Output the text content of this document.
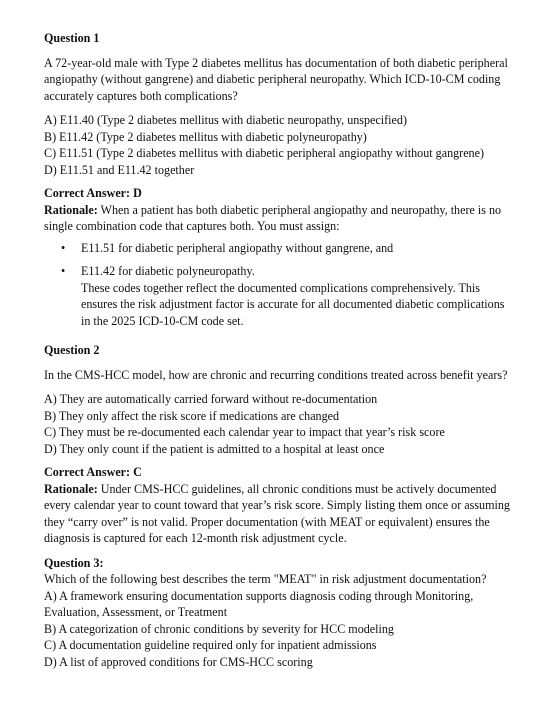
Question 1

A 72-year-old male with Type 2 diabetes mellitus has documentation of both diabetic peripheral angiopathy (without gangrene) and diabetic peripheral neuropathy. Which ICD-10-CM coding accurately captures both complications?

A) E11.40 (Type 2 diabetes mellitus with diabetic neuropathy, unspecified)

B) E11.42 (Type 2 diabetes mellitus with diabetic polyneuropathy)

C) E11.51 (Type 2 diabetes mellitus with diabetic peripheral angiopathy without gangrene)

D) E11.51 and E11.42 together

Correct Answer: D

Rationale: When a patient has both diabetic peripheral angiopathy and neuropathy, there is no single combination code that captures both. You must assign:

• E11.51 for diabetic peripheral angiopathy without gangrene, and
• E11.42 for diabetic polyneuropathy.

These codes together reflect the documented complications comprehensively. This ensures the risk adjustment factor is accurate for all documented diabetic complications in the 2025 ICD-10-CM code set.

Question 2

In the CMS-HCC model, how are chronic and recurring conditions treated across benefit years?

A) They are automatically carried forward without re-documentation

B) They only affect the risk score if medications are changed

C) They must be re-documented each calendar year to impact that year’s risk score

D) They only count if the patient is admitted to a hospital at least once

Correct Answer: C

Rationale: Under CMS-HCC guidelines, all chronic conditions must be actively documented every calendar year to count toward that year’s risk score. Simply listing them once or assuming they “carry over” is not valid. Proper documentation (with MEAT or equivalent) ensures the diagnosis is captured for each 12-month risk adjustment cycle.

Question 3:

Which of the following best describes the term "MEAT" in risk adjustment documentation?

A) A framework ensuring documentation supports diagnosis coding through Monitoring, Evaluation, Assessment, or Treatment

B) A categorization of chronic conditions by severity for HCC modeling

C) A documentation guideline required only for inpatient admissions

D) A list of approved conditions for CMS-HCC scoring
